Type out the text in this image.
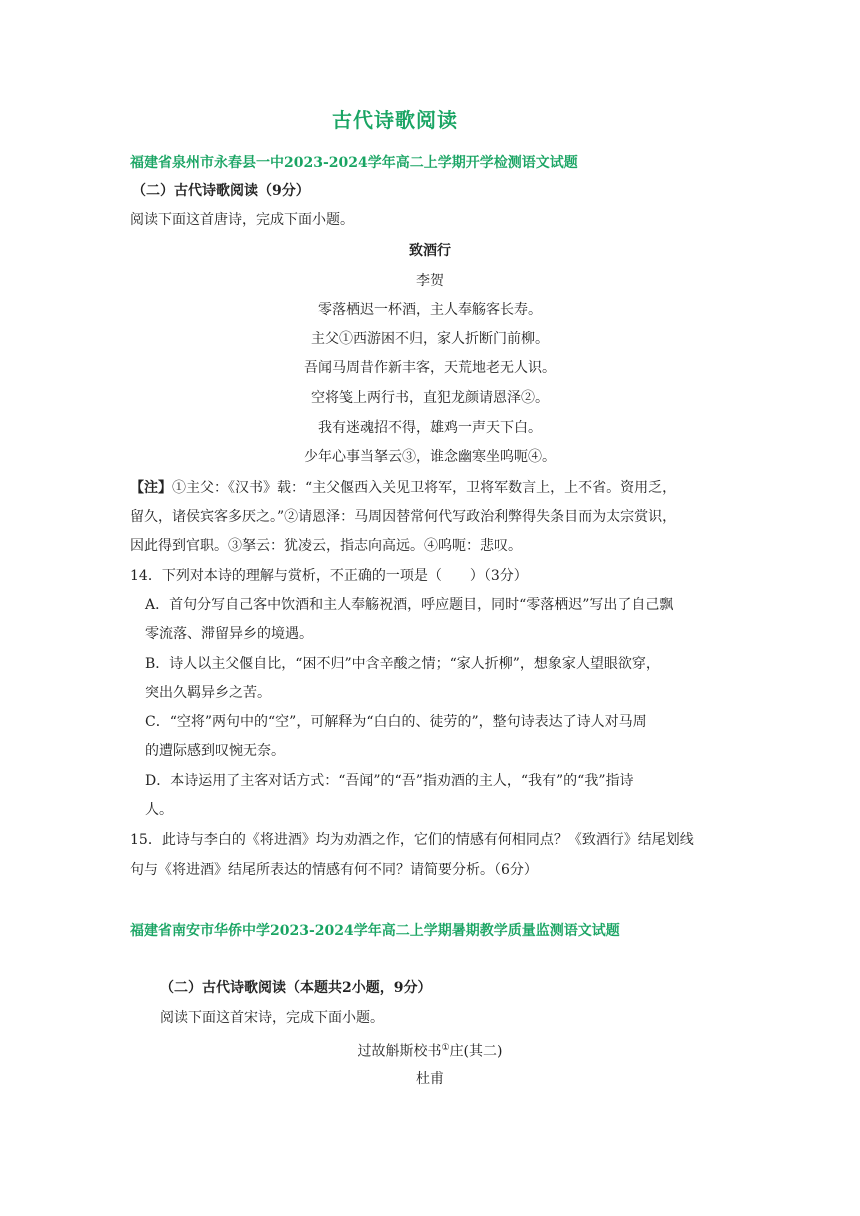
古代诗歌阅读
福建省泉州市永春县一中2023-2024学年高二上学期开学检测语文试题
（二）古代诗歌阅读（9分）
阅读下面这首唐诗，完成下面小题。
致酒行
李贺
零落栖迟一杯酒，主人奉觞客长寿。
主父①西游困不归，家人折断门前柳。
吾闻马周昔作新丰客，天荒地老无人识。
空将笺上两行书，直犯龙颜请恩泽②。
我有迷魂招不得，雄鸡一声天下白。
少年心事当拏云③，谁念幽寒坐呜呃④。
【注】①主父：《汉书》载：“主父偃西入关见卫将军，卫将军数言上，上不省。资用乏，
留久，诸侯宾客多厌之。”②请恩泽：马周因替常何代写政治利弊得失条目而为太宗赏识，
因此得到官职。③拏云：犹凌云，指志向高远。④呜呃：悲叹。
14．下列对本诗的理解与赏析，不正确的一项是（　　）（3分）
A．首句分写自己客中饮酒和主人奉觞祝酒，呼应题目，同时“零落栖迟”写出了自己飘
零流落、滞留异乡的境遇。
B．诗人以主父偃自比，“困不归”中含辛酸之情；“家人折柳”，想象家人望眼欲穿，
突出久羁异乡之苦。
C．“空将”两句中的“空”，可解释为“白白的、徒劳的”，整句诗表达了诗人对马周
的遭际感到叹惋无奈。
D．本诗运用了主客对话方式：“吾闻”的“吾”指劝酒的主人，“我有”的“我”指诗
人。
15．此诗与李白的《将进酒》均为劝酒之作，它们的情感有何相同点？《致酒行》结尾划线
句与《将进酒》结尾所表达的情感有何不同？请简要分析。（6分）
福建省南安市华侨中学2023-2024学年高二上学期暑期教学质量监测语文试题
（二）古代诗歌阅读（本题共2小题，9分）
阅读下面这首宋诗，完成下面小题。
过故斛斯校书①庄(其二)
杜甫
